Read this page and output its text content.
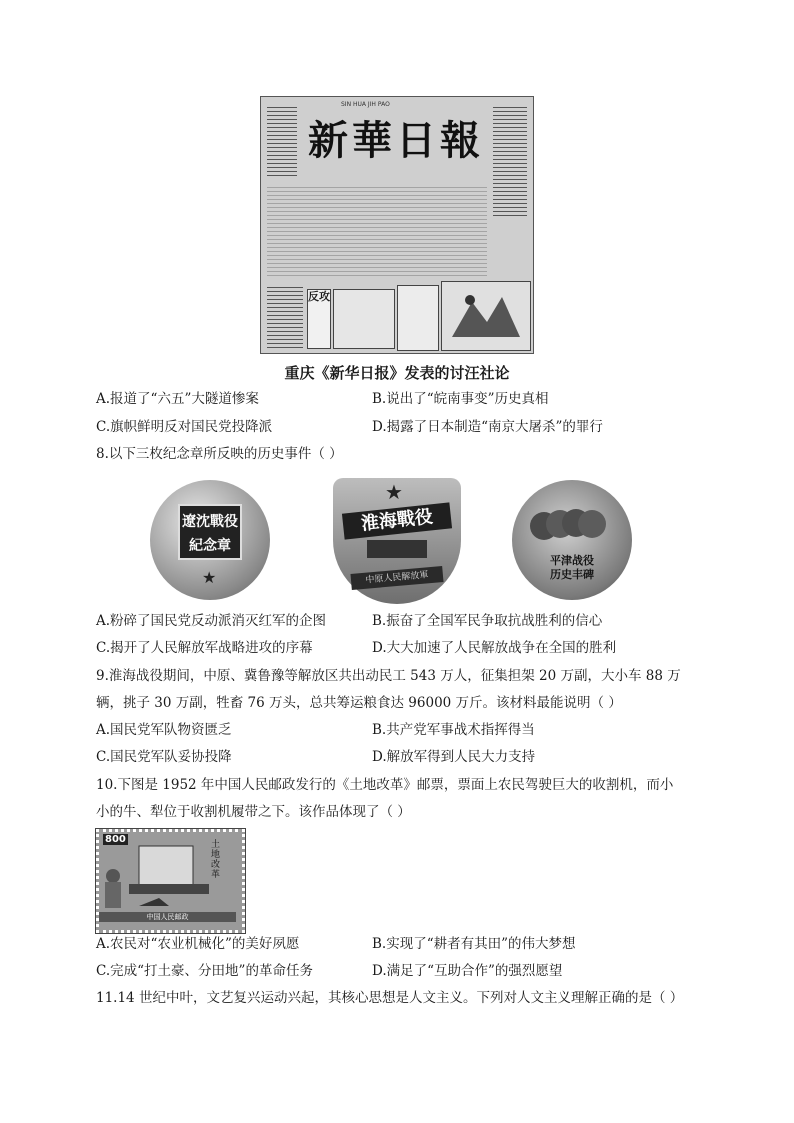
SIN HUA JIH PAO
新華日報
反攻
重庆《新华日报》发表的讨汪社论
A.报道了“六五”大隧道惨案	B.说出了“皖南事变”历史真相
C.旗帜鲜明反对国民党投降派	D.揭露了日本制造“南京大屠杀”的罪行
8.以下三枚纪念章所反映的历史事件（ ）
遼沈戰役
紀念章
★
★
淮海戰役
中原人民解放軍
平津战役
历史丰碑
A.粉碎了国民党反动派消灭红军的企图	B.振奋了全国军民争取抗战胜利的信心
C.揭开了人民解放军战略进攻的序幕	D.大大加速了人民解放战争在全国的胜利
9.淮海战役期间，中原、冀鲁豫等解放区共出动民工 543 万人，征集担架 20 万副，大小车 88 万
辆，挑子 30 万副，牲畜 76 万头，总共筹运粮食达 96000 万斤。该材料最能说明（ ）
A.国民党军队物资匮乏	B.共产党军事战术指挥得当
C.国民党军队妥协投降	D.解放军得到人民大力支持
10.下图是 1952 年中国人民邮政发行的《土地改革》邮票，票面上农民驾驶巨大的收割机，而小
小的牛、犁位于收割机履带之下。该作品体现了（ ）
800	土地改革
中国人民邮政
A.农民对“农业机械化”的美好夙愿	B.实现了“耕者有其田”的伟大梦想
C.完成“打土豪、分田地”的革命任务	D.满足了“互助合作”的强烈愿望
11.14 世纪中叶，文艺复兴运动兴起，其核心思想是人文主义。下列对人文主义理解正确的是（ ）
